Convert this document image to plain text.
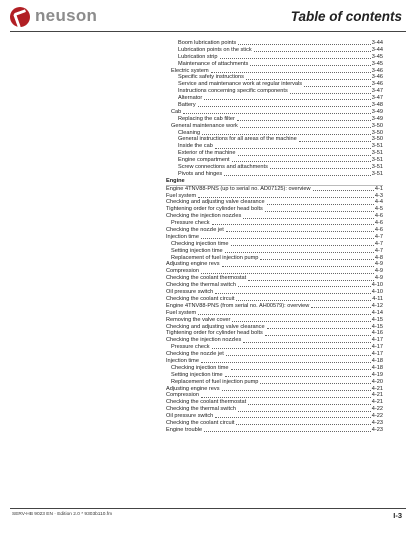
neuson	Table of contents
Boom lubrication points	3-44
Lubrication points on the stick	3-44
Lubrication strip	3-45
Maintenance of attachments	3-45
Electric system	3-46
Specific safety instructions	3-46
Service and maintenance work at regular intervals	3-46
Instructions concerning specific components	3-47
Alternator	3-47
Battery	3-48
Cab	3-49
Replacing the cab filter	3-49
General maintenance work	3-50
Cleaning	3-50
General instructions for all areas of the machine	3-50
Inside the cab	3-51
Exterior of the machine	3-51
Engine compartment	3-51
Screw connections and attachments	3-51
Pivots and hinges	3-51
Engine
Engine 4TNV88-PNS (up to serial no. AD07125): overview	4-1
Fuel system	4-3
Checking and adjusting valve clearance	4-4
Tightening order for cylinder head bolts	4-5
Checking the injection nozzles	4-6
Pressure check	4-6
Checking the nozzle jet	4-6
Injection time	4-7
Checking injection time	4-7
Setting injection time	4-7
Replacement of fuel injection pump	4-8
Adjusting engine revs	4-9
Compression	4-9
Checking the coolant thermostat	4-9
Checking the thermal switch	4-10
Oil pressure switch	4-10
Checking the coolant circuit	4-11
Engine 4TNV88-PNS (from serial no. AH00579): overview	4-12
Fuel system	4-14
Removing the valve cover	4-15
Checking and adjusting valve clearance	4-15
Tightening order for cylinder head bolts	4-16
Checking the injection nozzles	4-17
Pressure check	4-17
Checking the nozzle jet	4-17
Injection time	4-18
Checking injection time	4-18
Setting injection time	4-19
Replacement of fuel injection pump	4-20
Adjusting engine revs	4-21
Compression	4-21
Checking the coolant thermostat	4-21
Checking the thermal switch	4-22
Oil pressure switch	4-22
Checking the coolant circuit	4-23
Engine trouble	4-23
SERV-HB 9023 EN · Edition 2.0 * 9303b110.fm	I-3
